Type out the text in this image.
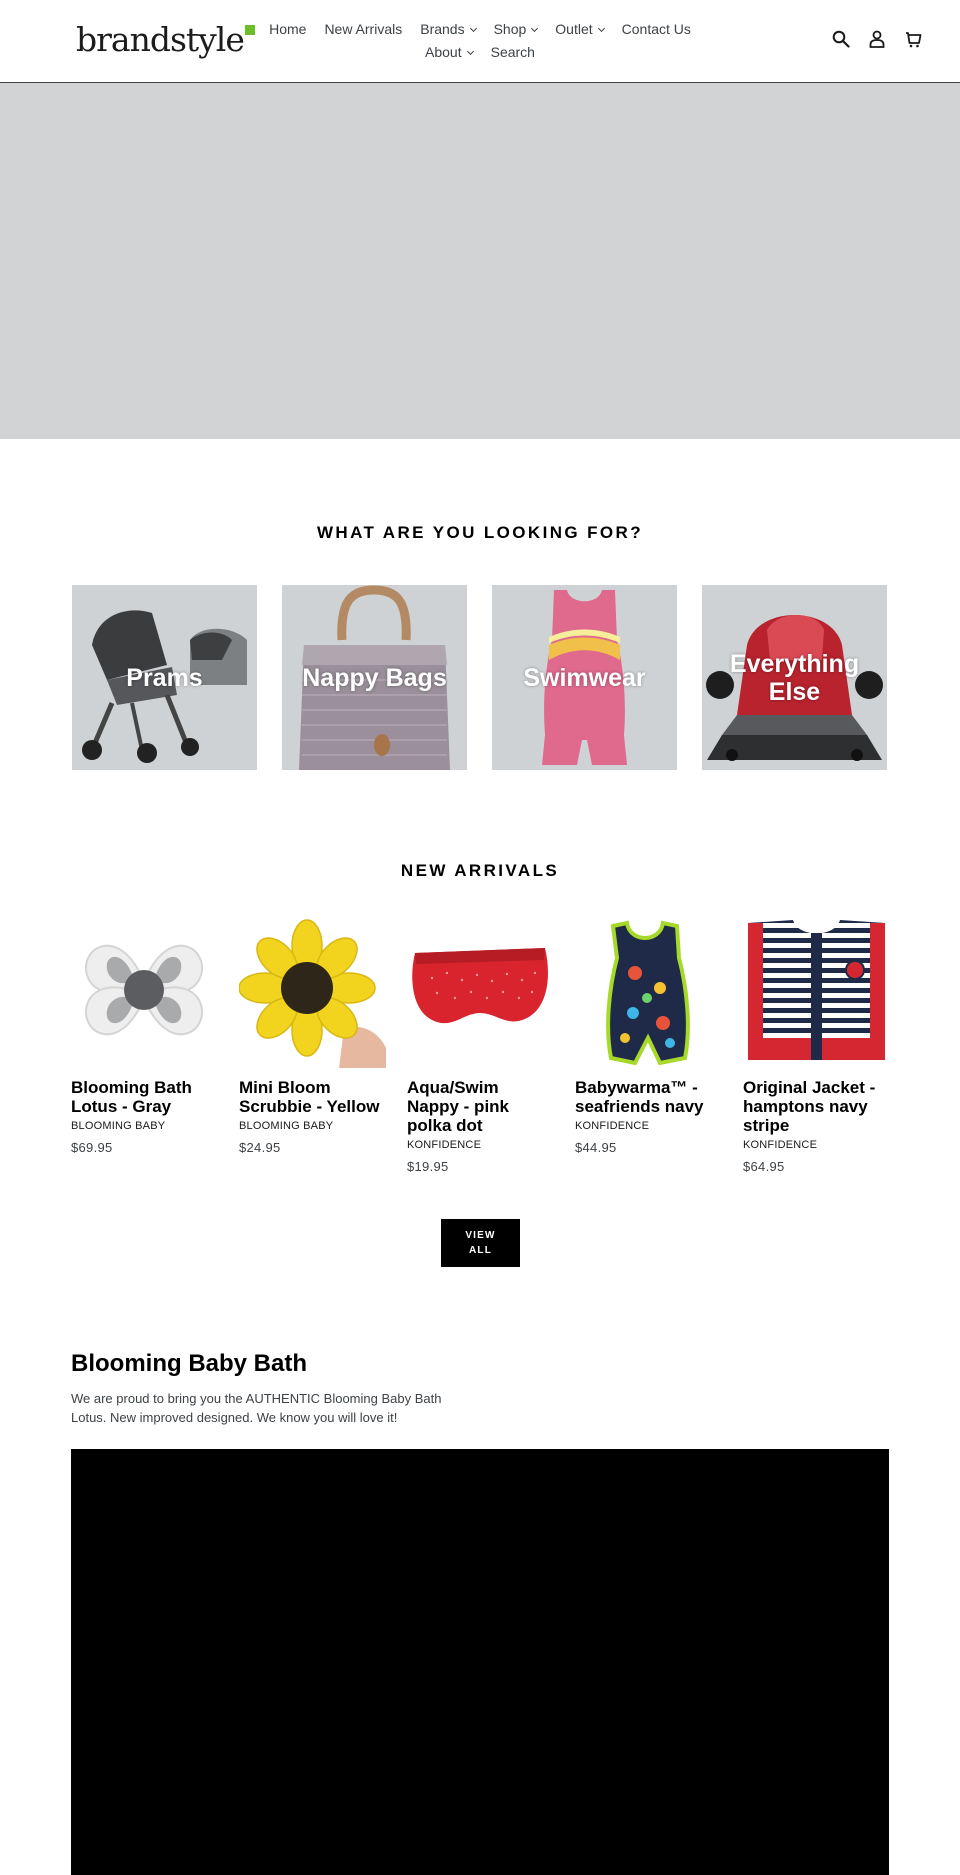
brandstyle	Home	New Arrivals	Brands	Shop	Outlet	Contact Us
About	Search
WHAT ARE YOU LOOKING FOR?
Prams	Nappy Bags	Swimwear	Everything Else
NEW ARRIVALS
Blooming Bath Lotus - Gray
BLOOMING BABY
$69.95
Mini Bloom Scrubbie - Yellow
BLOOMING BABY
$24.95
Aqua/Swim Nappy - pink polka dot
KONFIDENCE
$19.95
Babywarma™ - seafriends navy
KONFIDENCE
$44.95
Original Jacket - hamptons navy stripe
KONFIDENCE
$64.95
VIEW
ALL
Blooming Baby Bath

We are proud to bring you the AUTHENTIC Blooming Baby Bath Lotus. New improved designed. We know you will love it!
